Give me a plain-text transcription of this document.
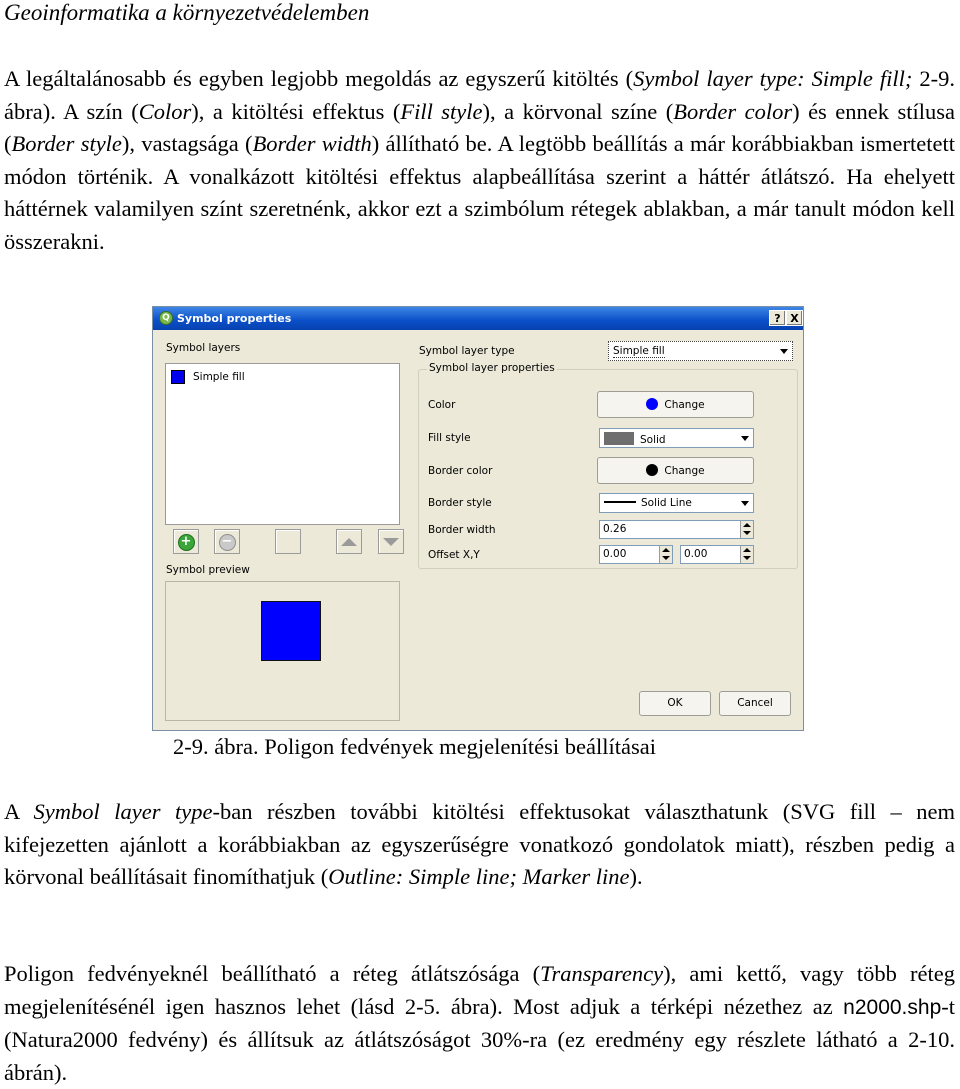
Geoinformatika a környezetvédelemben
A legáltalánosabb és egyben legjobb megoldás az egyszerű kitöltés (Symbol layer type: Simple fill; 2-9. ábra). A szín (Color), a kitöltési effektus (Fill style), a körvonal színe (Border color) és ennek stílusa (Border style), vastagsága (Border width) állítható be. A legtöbb beállítás a már korábbiakban ismertetett módon történik. A vonalkázott kitöltési effektus alapbeállítása szerint a háttér átlátszó. Ha ehelyett háttérnek valamilyen színt szeretnénk, akkor ezt a szimbólum rétegek ablakban, a már tanult módon kell összerakni.
Q Symbol properties	? X
Symbol layers
Simple fill
+	−
Symbol preview
Symbol layer type	Simple fill
Symbol layer properties
Color	Change
Fill style	Solid
Border color	Change
Border style	Solid Line
Border width	0.26
Offset X,Y	0.00	0.00
OK	Cancel
2-9. ábra. Poligon fedvények megjelenítési beállításai
A Symbol layer type-ban részben további kitöltési effektusokat választhatunk (SVG fill – nem kifejezetten ajánlott a korábbiakban az egyszerűségre vonatkozó gondolatok miatt), részben pedig a körvonal beállításait finomíthatjuk (Outline: Simple line; Marker line).
Poligon fedvényeknél beállítható a réteg átlátszósága (Transparency), ami kettő, vagy több réteg megjelenítésénél igen hasznos lehet (lásd 2-5. ábra). Most adjuk a térképi nézethez az n2000.shp-t (Natura2000 fedvény) és állítsuk az átlátszóságot 30%-ra (ez eredmény egy részlete látható a 2-10. ábrán).
